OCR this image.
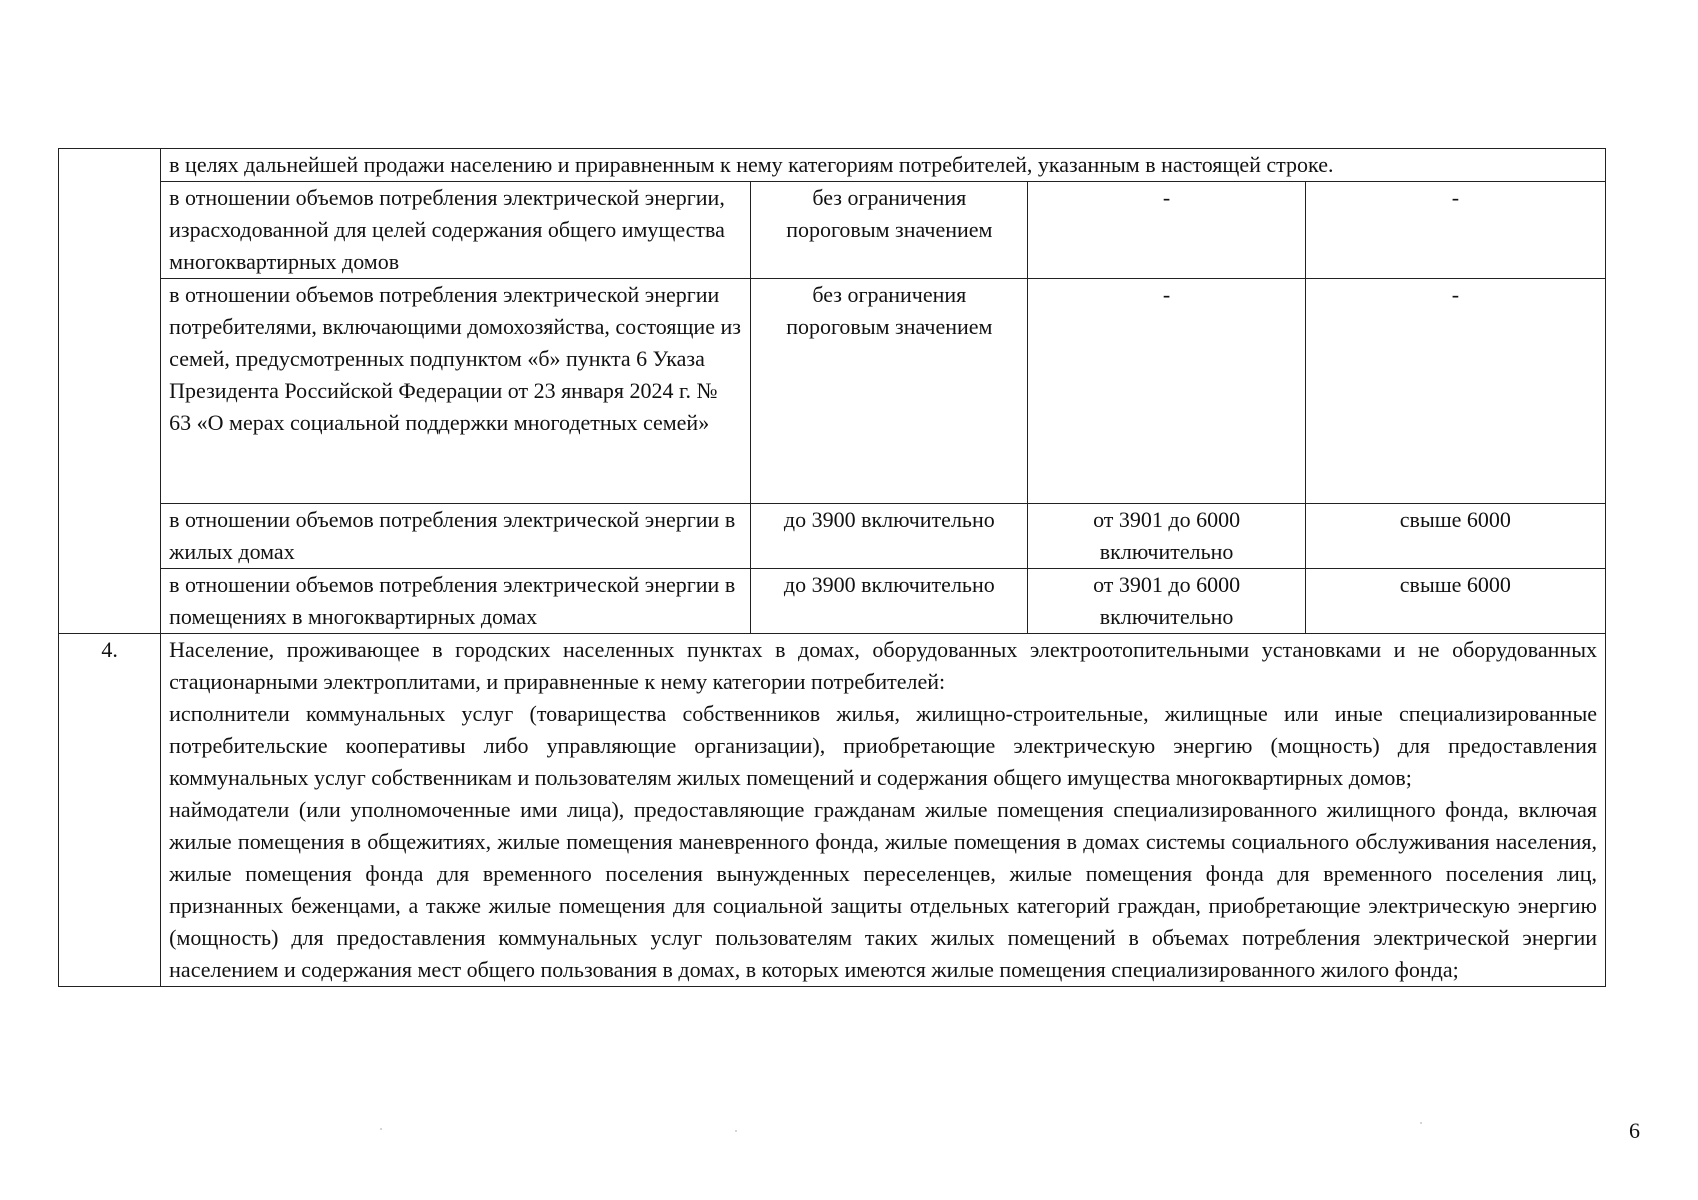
	в целях дальнейшей продажи населению и приравненным к нему категориям потребителей, указанным в настоящей строке.			
	в отношении объемов потребления электрической энергии, израсходованной для целей содержания общего имущества многоквартирных домов	без ограничения пороговым значением	-	-
	в отношении объемов потребления электрической энергии потребителями, включающими домохозяйства, состоящие из семей, предусмотренных подпунктом «б» пункта 6 Указа Президента Российской Федерации от 23 января 2024 г. № 63 «О мерах социальной поддержки многодетных семей»	без ограничения пороговым значением	-	-
	в отношении объемов потребления электрической энергии в жилых домах	до 3900 включительно	от 3901 до 6000 включительно	свыше 6000
	в отношении объемов потребления электрической энергии в помещениях в многоквартирных домах	до 3900 включительно	от 3901 до 6000 включительно	свыше 6000
4.	Население, проживающее в городских населенных пунктах в домах, оборудованных электроотопительными установками и не оборудованных стационарными электроплитами, и приравненные к нему категории потребителей:

исполнители коммунальных услуг (товарищества собственников жилья, жилищно-строительные, жилищные или иные специализированные потребительские кооперативы либо управляющие организации), приобретающие электрическую энергию (мощность) для предоставления коммунальных услуг собственникам и пользователям жилых помещений и содержания общего имущества многоквартирных домов;

наймодатели (или уполномоченные ими лица), предоставляющие гражданам жилые помещения специализированного жилищного фонда, включая жилые помещения в общежитиях, жилые помещения маневренного фонда, жилые помещения в домах системы социального обслуживания населения, жилые помещения фонда для временного поселения вынужденных переселенцев, жилые помещения фонда для временного поселения лиц, признанных беженцами, а также жилые помещения для социальной защиты отдельных категорий граждан, приобретающие электрическую энергию (мощность) для предоставления коммунальных услуг пользователям таких жилых помещений в объемах потребления электрической энергии населением и содержания мест общего пользования в домах, в которых имеются жилые помещения специализированного жилого фонда;			

6
